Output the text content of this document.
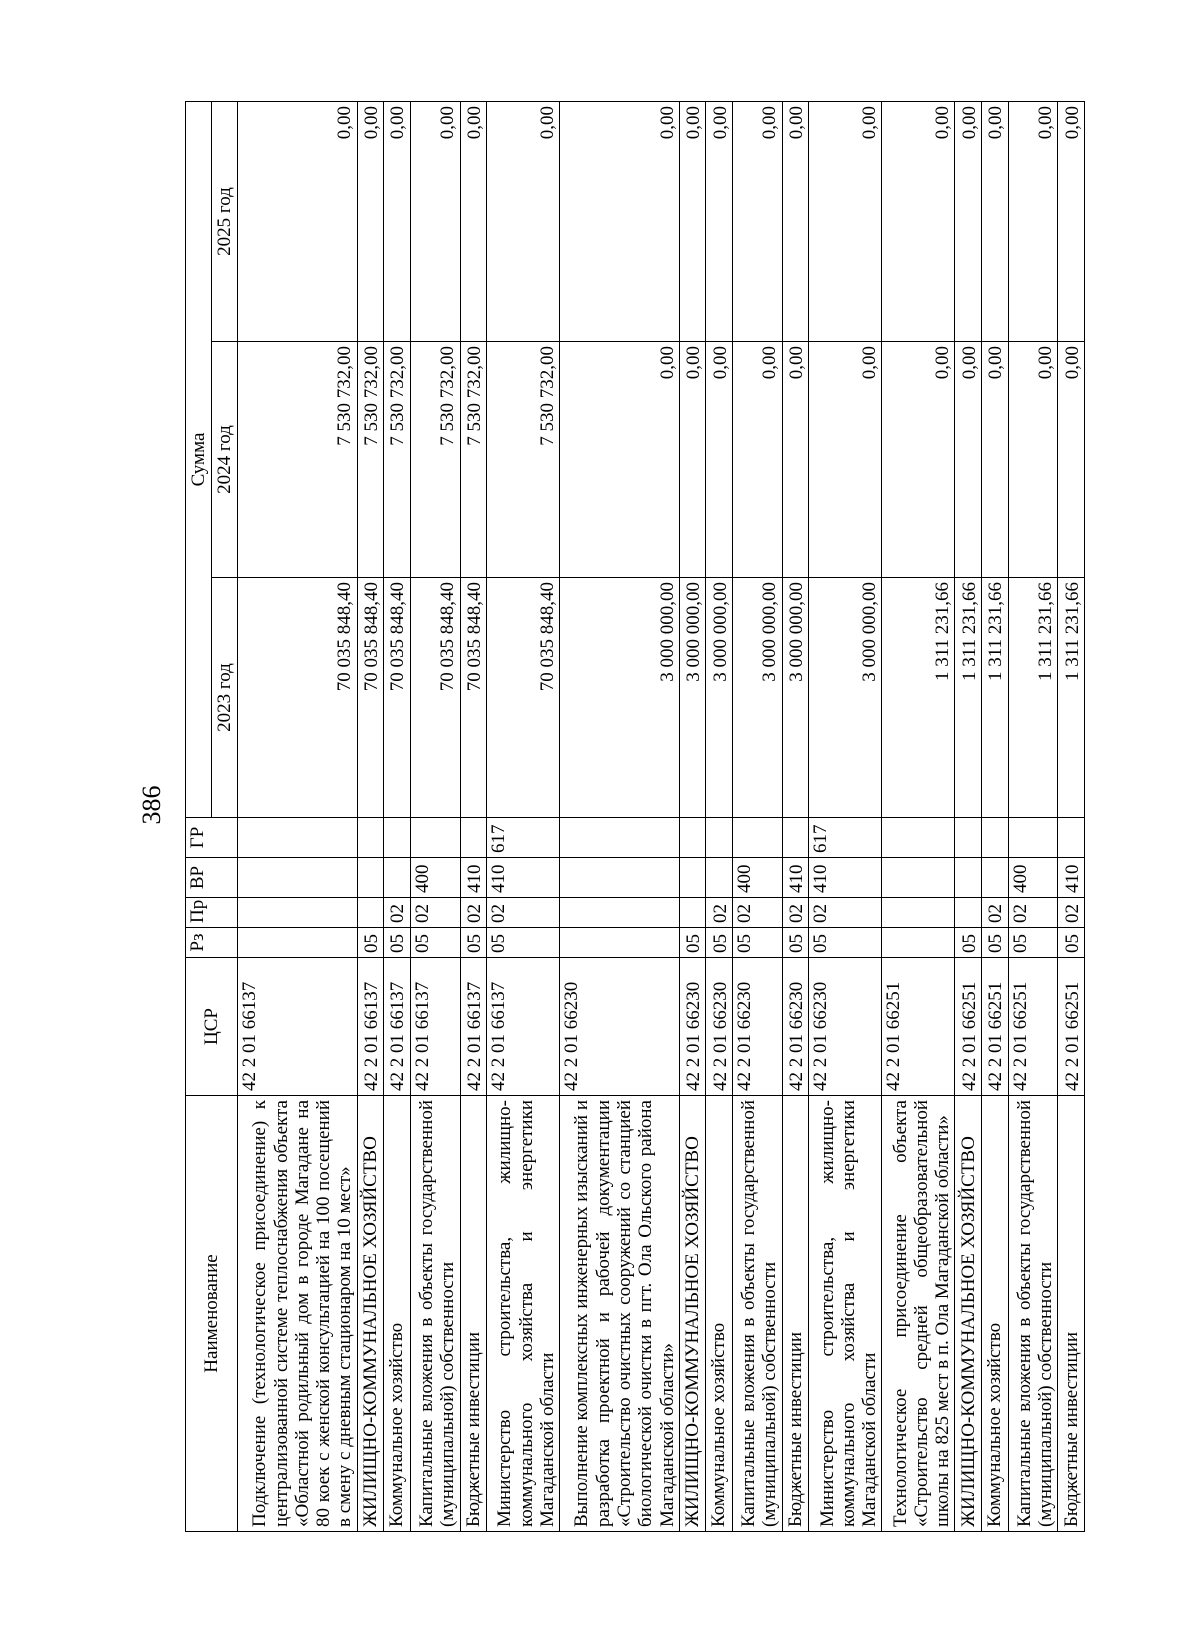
386
Наименование	ЦСР	Рз	Пр	ВР	ГР	Сумма		
						2023 год	2024 год	2025 год
Подключение (технологическое присоединение) к централизованной системе теплоснабжения объекта «Областной родильный дом в городе Магадане на 80 коек с женской консультацией на 100 посещений в смену с дневным стационаром на 10 мест»	42 2 01 66137					70 035 848,40	7 530 732,00	0,00
ЖИЛИЩНО-КОММУНАЛЬНОЕ ХОЗЯЙСТВО	42 2 01 66137	05				70 035 848,40	7 530 732,00	0,00
Коммунальное хозяйство	42 2 01 66137	05	02			70 035 848,40	7 530 732,00	0,00
Капитальные вложения в объекты государственной (муниципальной) собственности	42 2 01 66137	05	02	400		70 035 848,40	7 530 732,00	0,00
Бюджетные инвестиции	42 2 01 66137	05	02	410		70 035 848,40	7 530 732,00	0,00
Министерство строительства, жилищно-коммунального хозяйства и энергетики Магаданской области	42 2 01 66137	05	02	410	617	70 035 848,40	7 530 732,00	0,00
Выполнение комплексных инженерных изысканий и разработка проектной и рабочей документации «Строительство очистных сооружений со станцией биологической очистки в пгт. Ола Ольского района Магаданской области»	42 2 01 66230					3 000 000,00	0,00	0,00
ЖИЛИЩНО-КОММУНАЛЬНОЕ ХОЗЯЙСТВО	42 2 01 66230	05				3 000 000,00	0,00	0,00
Коммунальное хозяйство	42 2 01 66230	05	02			3 000 000,00	0,00	0,00
Капитальные вложения в объекты государственной (муниципальной) собственности	42 2 01 66230	05	02	400		3 000 000,00	0,00	0,00
Бюджетные инвестиции	42 2 01 66230	05	02	410		3 000 000,00	0,00	0,00
Министерство строительства, жилищно-коммунального хозяйства и энергетики Магаданской области	42 2 01 66230	05	02	410	617	3 000 000,00	0,00	0,00
Технологическое присоединение объекта «Строительство средней общеобразовательной школы на 825 мест в п. Ола Магаданской области»	42 2 01 66251					1 311 231,66	0,00	0,00
ЖИЛИЩНО-КОММУНАЛЬНОЕ ХОЗЯЙСТВО	42 2 01 66251	05				1 311 231,66	0,00	0,00
Коммунальное хозяйство	42 2 01 66251	05	02			1 311 231,66	0,00	0,00
Капитальные вложения в объекты государственной (муниципальной) собственности	42 2 01 66251	05	02	400		1 311 231,66	0,00	0,00
Бюджетные инвестиции	42 2 01 66251	05	02	410		1 311 231,66	0,00	0,00
